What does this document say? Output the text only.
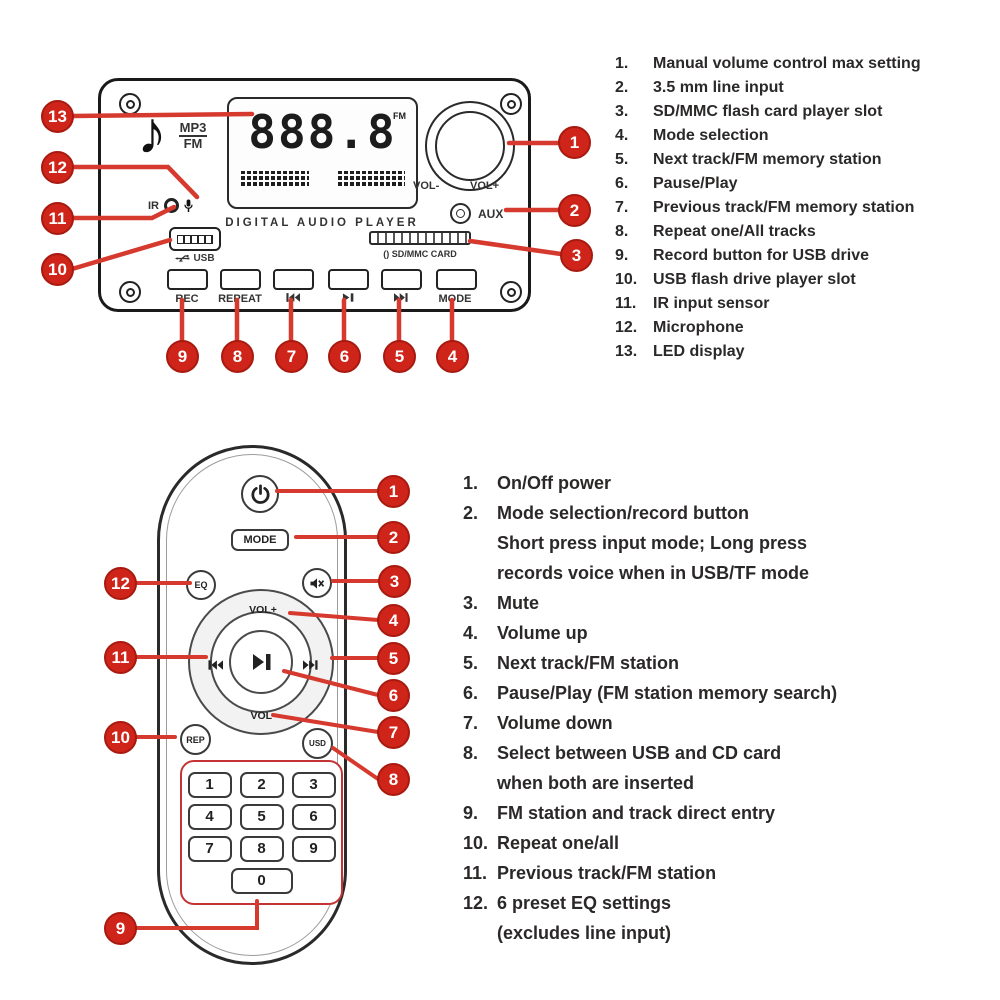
♪ MP3
FM 888.8
FM
DIGITAL AUDIO PLAYER
IR
USB
VOL-	VOL+
AUX
() SD/MMC CARD
REC REPEAT	MODE
13
12
11
10
9	8	7	6	5	4
1
2
3
1.	Manual volume control max setting
2.	3.5 mm line input
3.	SD/MMC flash card player slot
4.	Mode selection
5.	Next track/FM memory station
6.	Pause/Play
7.	Previous track/FM memory station
8.	Repeat one/All tracks
9.	Record button for USB drive
10. USB flash drive player slot
11.	IR input sensor
12. Microphone
13. LED display
MODE
EQ
VOL+
VOL-
REP	USD
1	2	3
4	5	6
7	8	9
0
1
2
3
4
5
6
7
8
12
11
10
9
1.	On/Off power
2.	Mode selection/record button
Short press input mode; Long press
records voice when in USB/TF mode
3.	Mute
4.	Volume up
5.	Next track/FM station
6.	Pause/Play (FM station memory search)
7.	Volume down
8.	Select between USB and CD card
when both are inserted
9.	FM station and track direct entry
10. Repeat one/all
11. Previous track/FM station
12. 6 preset EQ settings
(excludes line input)
